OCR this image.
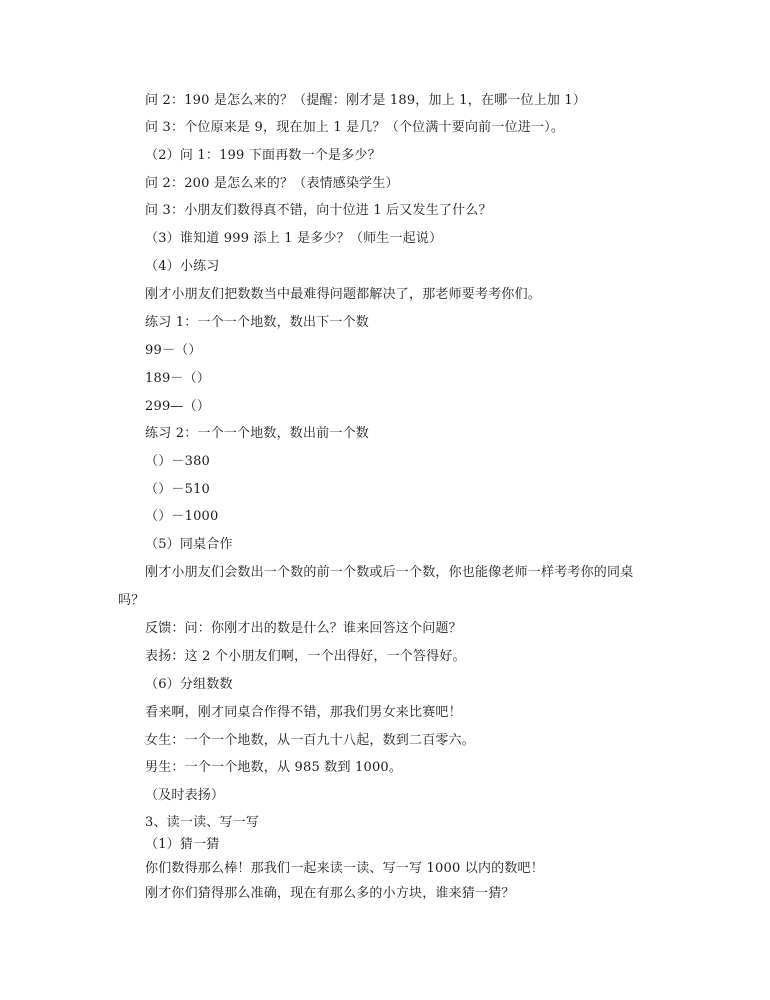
问 2：190 是怎么来的？（提醒：刚才是 189，加上 1，在哪一位上加 1）
问 3：个位原来是 9，现在加上 1 是几？（个位满十要向前一位进一）。
（2）问 1：199 下面再数一个是多少？
问 2：200 是怎么来的？（表情感染学生）
问 3：小朋友们数得真不错，向十位进 1 后又发生了什么？
（3）谁知道 999 添上 1 是多少？（师生一起说）
（4）小练习
刚才小朋友们把数数当中最难得问题都解决了，那老师要考考你们。
练习 1：一个一个地数，数出下一个数
99－（）
189－（）
299—（）
练习 2：一个一个地数，数出前一个数
（）－380
（）－510
（）－1000
（5）同桌合作
刚才小朋友们会数出一个数的前一个数或后一个数，你也能像老师一样考考你的同桌
吗？
反馈：问：你刚才出的数是什么？谁来回答这个问题？
表扬：这 2 个小朋友们啊，一个出得好，一个答得好。
（6）分组数数
看来啊，刚才同桌合作得不错，那我们男女来比赛吧！
女生：一个一个地数，从一百九十八起，数到二百零六。
男生：一个一个地数，从 985 数到 1000。
（及时表扬）
3、读一读、写一写
（1）猜一猜
你们数得那么棒！那我们一起来读一读、写一写 1000 以内的数吧！
刚才你们猜得那么准确，现在有那么多的小方块，谁来猜一猜？
